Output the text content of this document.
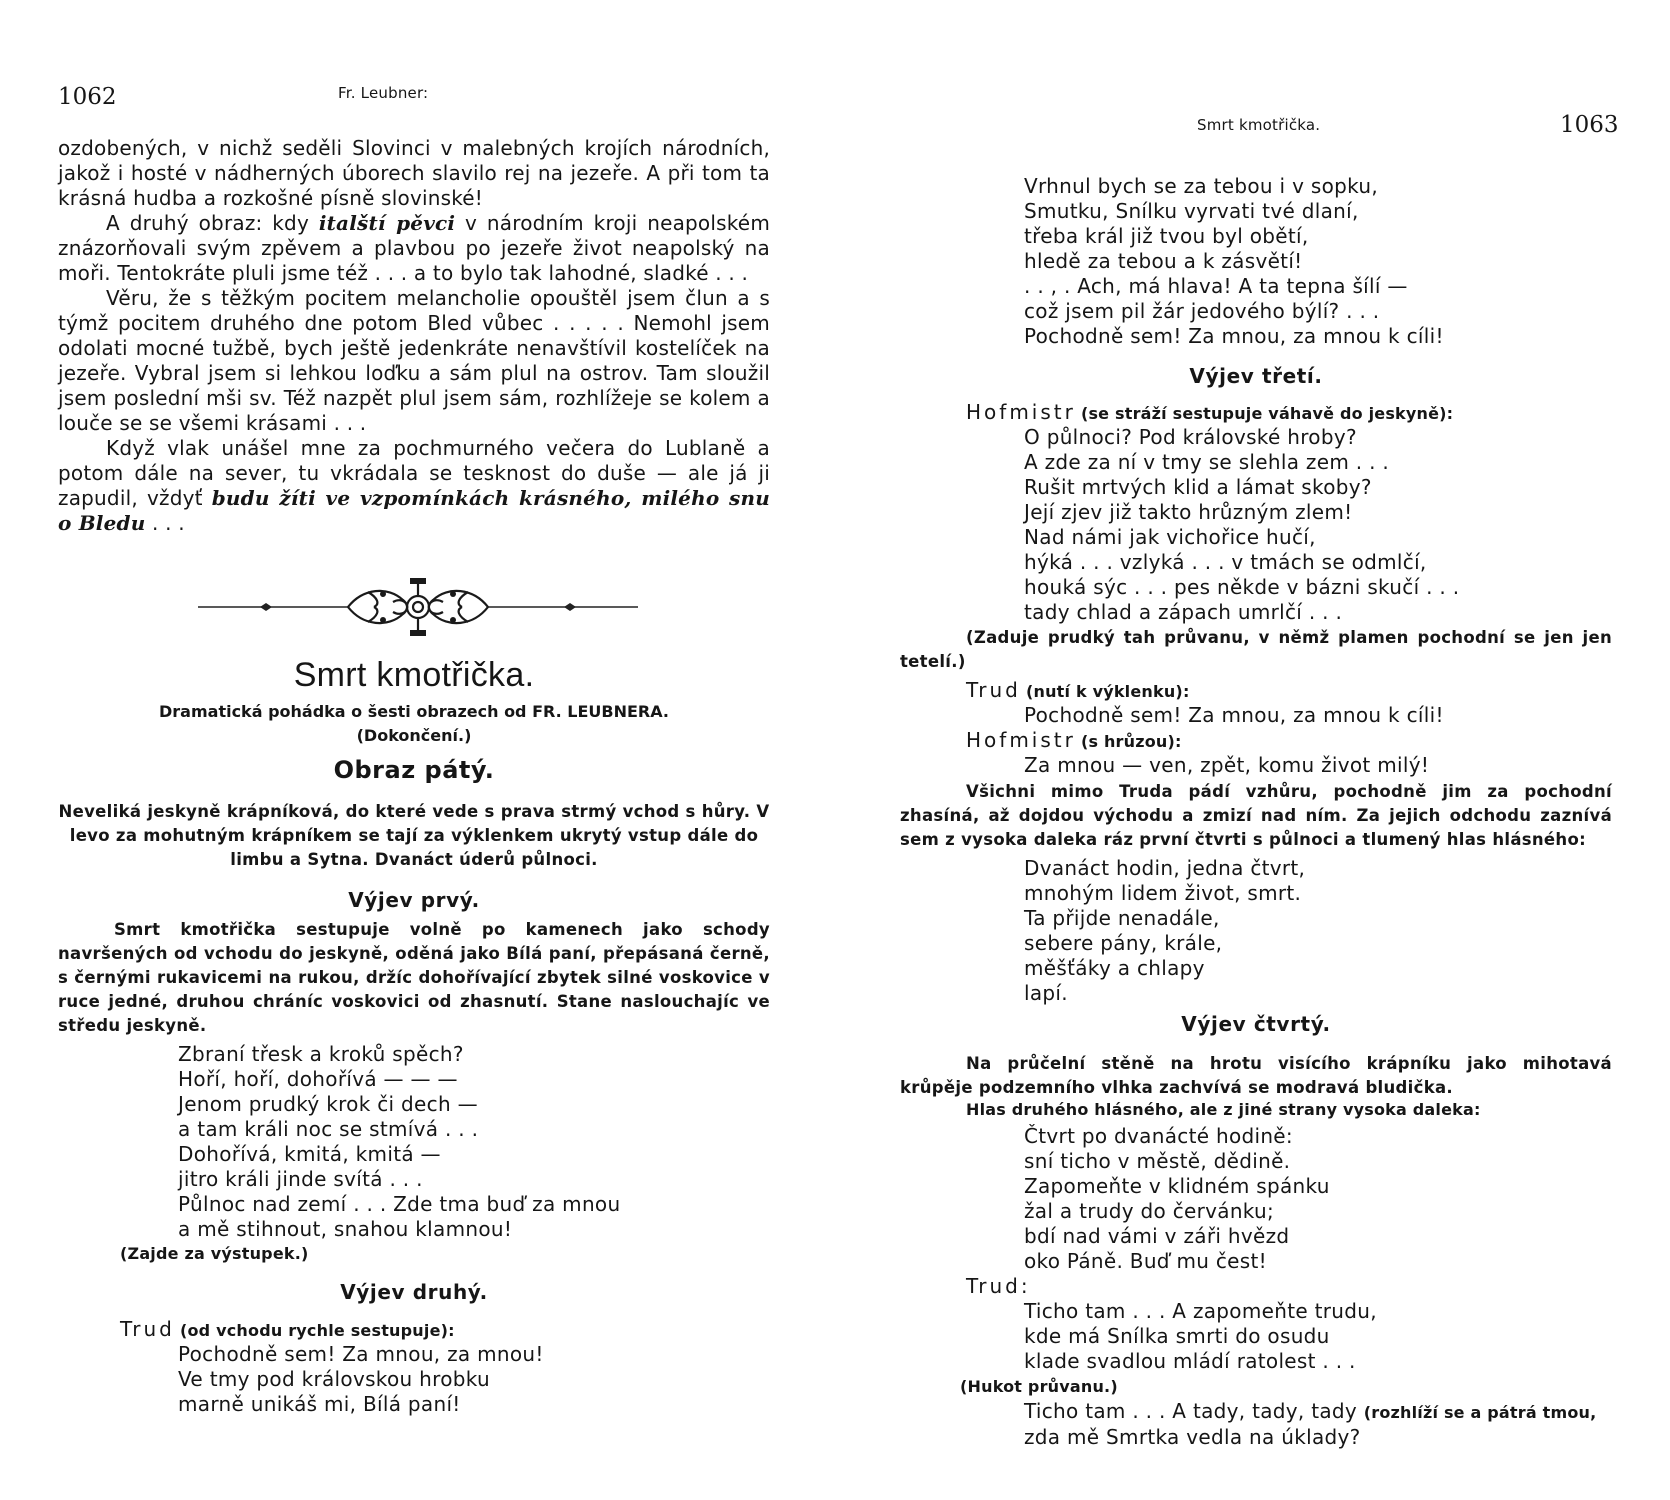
1062	Fr. Leubner:

ozdobených, v nichž seděli Slovinci v malebných krojích národních, jakož i hosté v nádherných úborech slavilo rej na jezeře. A při tom ta krásná hudba a rozkošné písně slovinské!

A druhý obraz: kdy italští pěvci v národním kroji neapolském znázorňovali svým zpěvem a plavbou po jezeře život neapolský na moři. Tentokráte pluli jsme též . . . a to bylo tak lahodné, sladké . . .

Věru, že s těžkým pocitem melancholie opouštěl jsem člun a s týmž pocitem druhého dne potom Bled vůbec . . . . . Nemohl jsem odolati mocné tužbě, bych ještě jedenkráte nenavštívil kostelíček na jezeře. Vybral jsem si lehkou loďku a sám plul na ostrov. Tam sloužil jsem poslední mši sv. Též nazpět plul jsem sám, rozhlížeje se kolem a louče se se všemi krásami . . .

Když vlak unášel mne za pochmurného večera do Lublaně a potom dále na sever, tu vkrádala se tesknost do duše — ale já ji zapudil, vždyť budu žíti ve vzpomínkách krásného, milého snu o Bledu . . .

Smrt kmotřička.
Dramatická pohádka o šesti obrazech od FR. LEUBNERA.
(Dokončení.)
Obraz pátý.

Neveliká jeskyně krápníková, do které vede s prava strmý vchod s hůry. V levo za mohutným krápníkem se tají za výklenkem ukrytý vstup dále do limbu a Sytna. Dvanáct úderů půlnoci.

Výjev prvý.

Smrt kmotřička sestupuje volně po kamenech jako schody navršených od vchodu do jeskyně, oděná jako Bílá paní, přepásaná černě, s černými rukavicemi na rukou, držíc dohořívající zbytek silné voskovice v ruce jedné, druhou chráníc voskovici od zhasnutí. Stane naslouchajíc ve středu jeskyně.

Zbraní třesk a kroků spěch?
Hoří, hoří, dohořívá — — —
Jenom prudký krok či dech —
a tam králi noc se stmívá . . .
Dohořívá, kmitá, kmitá —
jitro králi jinde svítá . . .
Půlnoc nad zemí . . . Zde tma buď za mnou
a mě stihnout, snahou klamnou!
(Zajde za výstupek.)
Výjev druhý.
Trud (od vchodu rychle sestupuje):
Pochodně sem! Za mnou, za mnou!
Ve tmy pod královskou hrobku
marně unikáš mi, Bílá paní!
Smrt kmotřička.	1063
Vrhnul bych se za tebou i v sopku,
Smutku, Snílku vyrvati tvé dlaní,
třeba král již tvou byl obětí,
hledě za tebou a k zásvětí!
. . , . Ach, má hlava! A ta tepna šílí —
což jsem pil žár jedového býlí? . . .
Pochodně sem! Za mnou, za mnou k cíli!
Výjev třetí.
Hofmistr (se stráží sestupuje váhavě do jeskyně):
O půlnoci? Pod královské hroby?
A zde za ní v tmy se slehla zem . . .
Rušit mrtvých klid a lámat skoby?
Její zjev již takto hrůzným zlem!
Nad námi jak vichořice hučí,
hýká . . . vzlyká . . . v tmách se odmlčí,
houká sýc . . . pes někde v bázni skučí . . .
tady chlad a zápach umrlčí . . .

(Zaduje prudký tah průvanu, v němž plamen pochodní se jen jen tetelí.)

Trud (nutí k výklenku):
Pochodně sem! Za mnou, za mnou k cíli!
Hofmistr (s hrůzou):
Za mnou — ven, zpět, komu život milý!

Všichni mimo Truda pádí vzhůru, pochodně jim za pochodní zhasíná, až dojdou východu a zmizí nad ním. Za jejich odchodu zaznívá sem z vysoka daleka ráz první čtvrti s půlnoci a tlumený hlas hlásného:

Dvanáct hodin, jedna čtvrt,
mnohým lidem život, smrt.
Ta přijde nenadále,
sebere pány, krále,
měšťáky a chlapy
lapí.
Výjev čtvrtý.

Na průčelní stěně na hrotu visícího krápníku jako mihotavá krůpěje podzemního vlhka zachvívá se modravá bludička.

Hlas druhého hlásného, ale z jiné strany vysoka daleka:
Čtvrt po dvanácté hodině:
sní ticho v městě, dědině.
Zapomeňte v klidném spánku
žal a trudy do červánku;
bdí nad vámi v záři hvězd
oko Páně. Buď mu čest!
Trud:
Ticho tam . . . A zapomeňte trudu,
kde má Snílka smrti do osudu
klade svadlou mládí ratolest . . .
(Hukot průvanu.)
Ticho tam . . . A tady, tady, tady (rozhlíží se a pátrá tmou,
zda mě Smrtka vedla na úklady?
